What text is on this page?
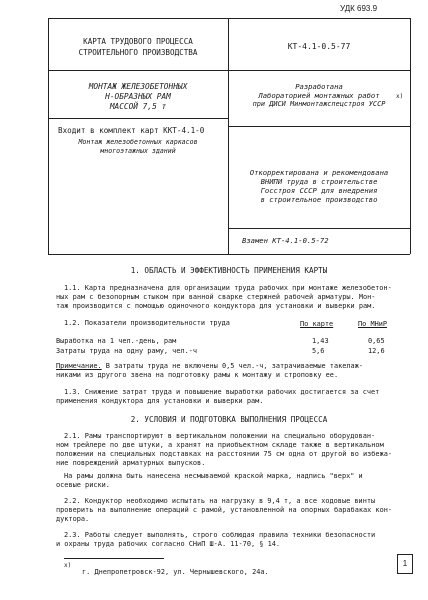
УДК 693.9
КАРТА ТРУДОВОГО ПРОЦЕССА
СТРОИТЕЛЬНОГО ПРОИЗВОДСТВА
МОНТАЖ ЖЕЛЕЗОБЕТОННЫХ
Н-ОБРАЗНЫХ РАМ
МАССОЙ 7,5 т
Входит в комплект карт ККТ-4.1-0
Монтаж железобетонных каркасов
многоэтажных зданий
КТ-4.1-0.5-77
Разработана
Лабораторией монтажных работ
при ДИСИ Минмонтажспецстроя УССР
х)
Откорректирована и рекомендована
ВНИПИ труда в строительстве
Госстроя СССР для внедрения
в строительное производство
Взамен КТ-4.1-0.5-72
1. ОБЛАСТЬ И ЭФФЕКТИВНОСТЬ ПРИМЕНЕНИЯ КАРТЫ
1.1. Карта предназначена для организации труда рабочих при монтаже железобетон-
ных рам с безопорным стыком при ванной сварке стержней рабочей арматуры. Мон-
таж производится с помощью одиночного кондуктора для установки и выверки рам.
1.2. Показатели производительности труда	По карте	По МНиР
Выработка на 1 чел.-день, рам	1,43	0,65
Затраты труда на одну раму, чел.-ч	5,6	12,6
Примечание. В затраты труда не включены 0,5 чел.-ч, затрачиваемые такелаж-
никами из другого звена на подготовку рамы к монтажу и строповку ее.
1.3. Снижение затрат труда и повышение выработки рабочих достигается за счет
применения кондуктора для установки и выверки рам.
2. УСЛОВИЯ И ПОДГОТОВКА ВЫПОЛНЕНИЯ ПРОЦЕССА
2.1. Рамы транспортируют в вертикальном положении на специально оборудован-
ном трейлере по две штуки, а хранят на приобъектном складе также в вертикальном
положении на специальных подставках на расстоянии 75 см одна от другой во избежа-
ние повреждений арматурных выпусков.
На рамы должна быть нанесена несмываемой краской марка, надпись "верх" и
осевые риски.
2.2. Кондуктор необходимо испытать на нагрузку в 9,4 т, а все ходовые винты
проверить на выполнение операций с рамой, установленной на опорных барабаках кон-
дуктора.
2.3. Работы следует выполнять, строго соблюдая правила техники безопасности
и охраны труда рабочих согласно СНиП Ш-А. 11-70, § 14.
х)
г. Днепропетровск-92, ул. Чернышевского, 24а.
1
